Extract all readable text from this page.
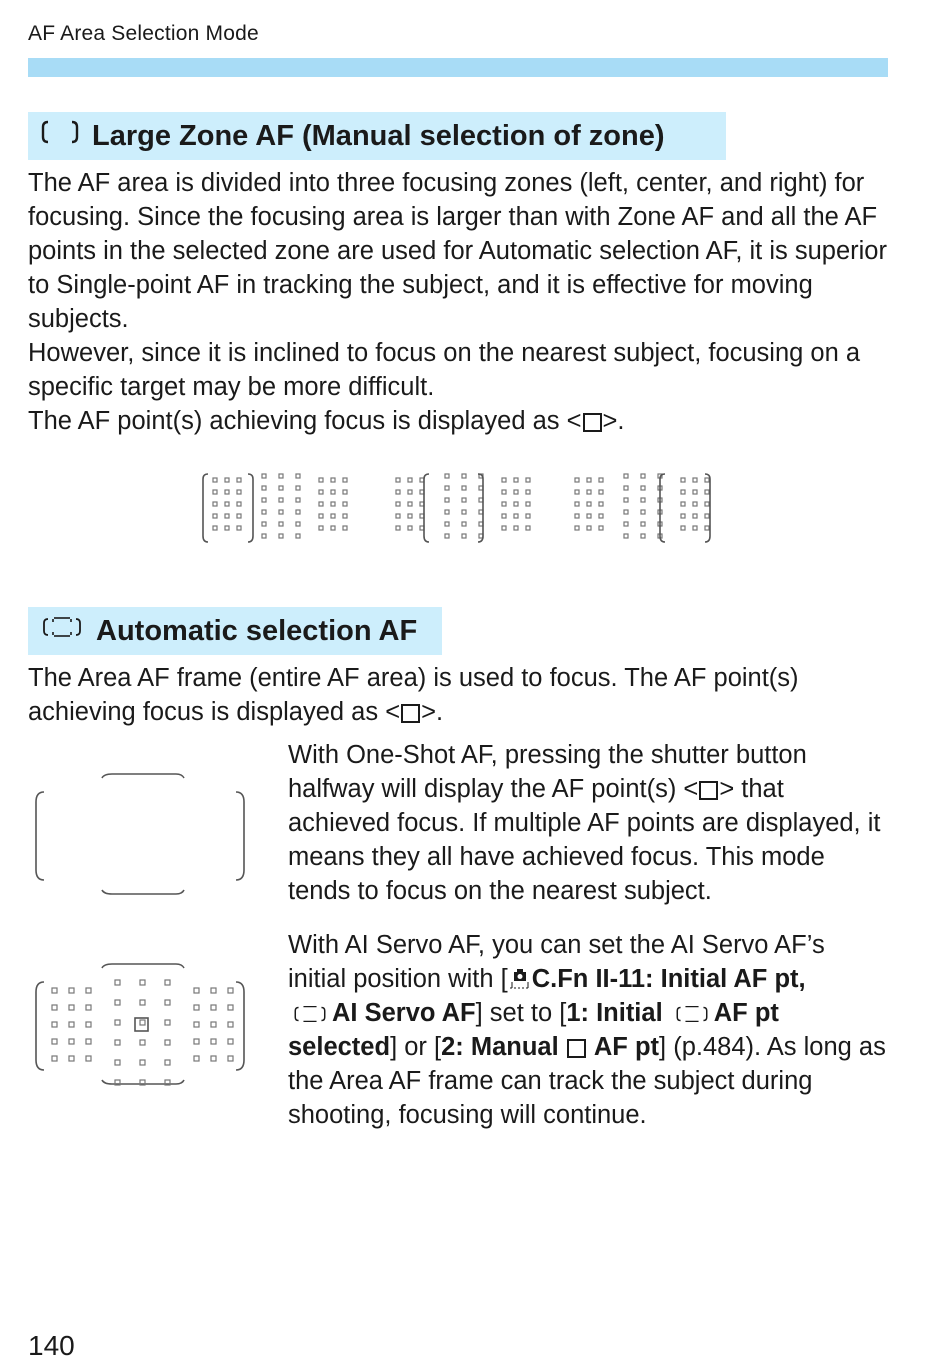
AF Area Selection Mode
Large Zone AF (Manual selection of zone)

The AF area is divided into three focusing zones (left, center, and right) for focusing. Since the focusing area is larger than with Zone AF and all the AF points in the selected zone are used for Automatic selection AF, it is superior to Single-point AF in tracking the subject, and it is effective for moving subjects.

However, since it is inclined to focus on the nearest subject, focusing on a specific target may be more difficult.

The AF point(s) achieving focus is displayed as < >.

Automatic selection AF

The Area AF frame (entire AF area) is used to focus. The AF point(s) achieving focus is displayed as < >.

With One-Shot AF, pressing the shutter button halfway will display the AF point(s) < > that achieved focus. If multiple AF points are displayed, it means they all have achieved focus. This mode tends to focus on the nearest subject.

With AI Servo AF, you can set the AI Servo AF’s initial position with [ C.Fn II-11: Initial AF pt,
AI Servo AF] set to [1: Initial AF pt selected] or [2: Manual AF pt] (p.484). As long as the Area AF frame can track the subject during shooting, focusing will continue.

140
